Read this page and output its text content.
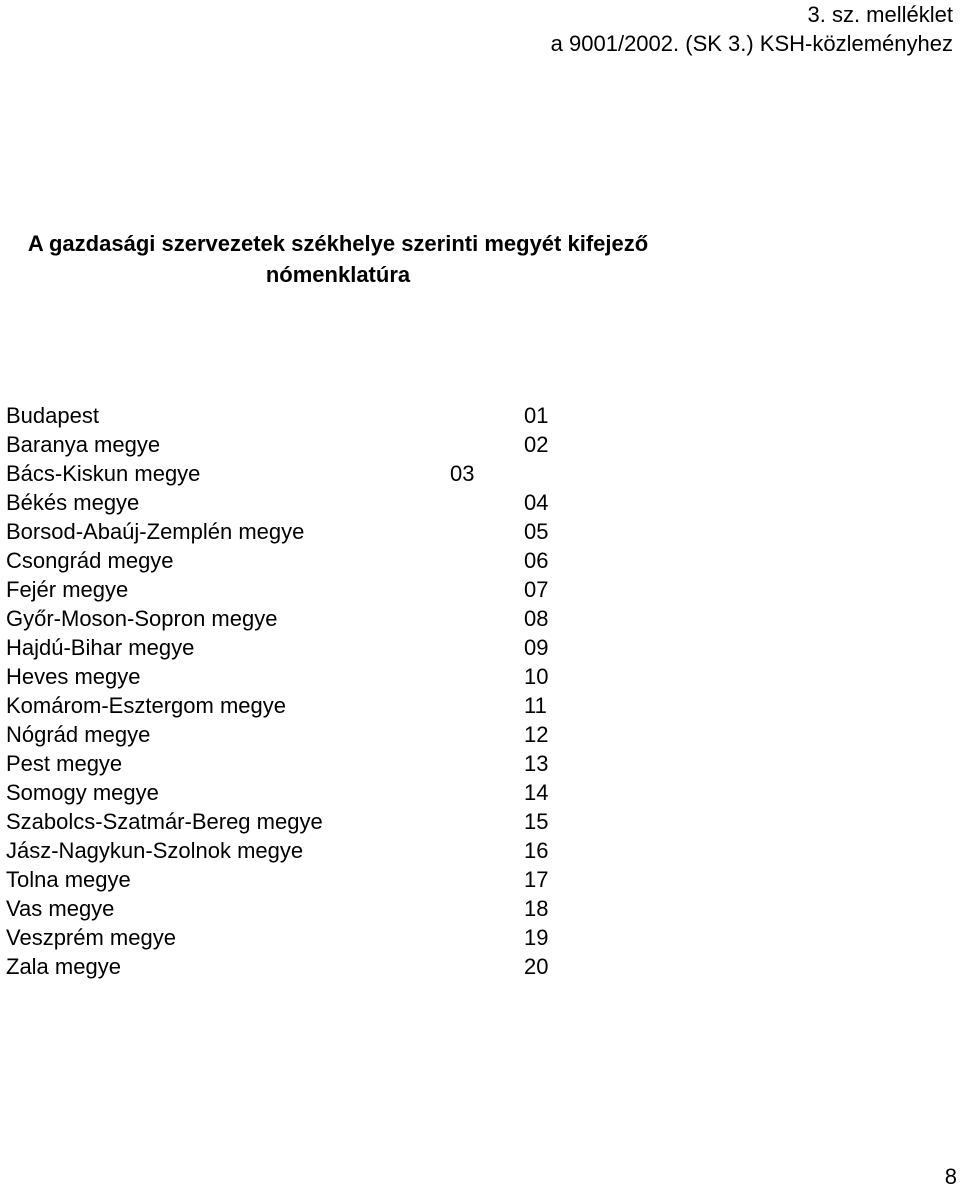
3. sz. melléklet
a 9001/2002. (SK 3.) KSH-közleményhez
A gazdasági szervezetek székhelye szerinti megyét kifejező
nómenklatúra
Budapest	01
Baranya megye	02
Bács-Kiskun megye	03
Békés megye	04
Borsod-Abaúj-Zemplén megye	05
Csongrád megye	06
Fejér megye	07
Győr-Moson-Sopron megye	08
Hajdú-Bihar megye	09
Heves megye	10
Komárom-Esztergom megye	11
Nógrád megye	12
Pest megye	13
Somogy megye	14
Szabolcs-Szatmár-Bereg megye	15
Jász-Nagykun-Szolnok megye	16
Tolna megye	17
Vas megye	18
Veszprém megye	19
Zala megye	20
8
